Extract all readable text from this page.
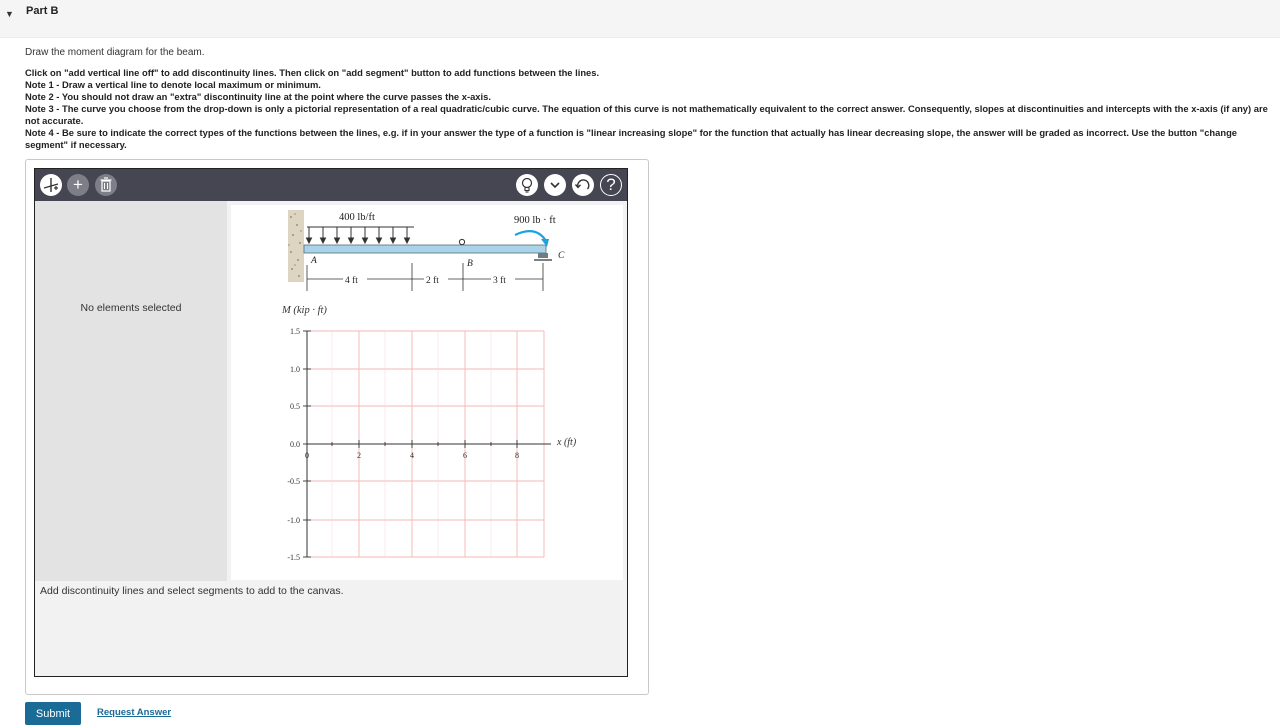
▼ Part B
Draw the moment diagram for the beam.
Click on "add vertical line off" to add discontinuity lines. Then click on "add segment" button to add functions between the lines.
Note 1 - Draw a vertical line to denote local maximum or minimum.
Note 2 - You should not draw an "extra" discontinuity line at the point where the curve passes the x-axis.
Note 3 - The curve you choose from the drop-down is only a pictorial representation of a real quadratic/cubic curve. The equation of this curve is not mathematically equivalent to the correct answer. Consequently, slopes at discontinuities and intercepts with the x-axis (if any) are not accurate.
Note 4 - Be sure to indicate the correct types of the functions between the lines, e.g. if in your answer the type of a function is "linear increasing slope" for the function that actually has linear decreasing slope, the answer will be graded as incorrect. Use the button "change segment" if necessary.
+	?
No elements selected
400 lb/ft	900 lb · ft
A	B
C
4 ft	2 ft	3 ft
M (kip · ft)
x (ft)
1.5
1.0
0.5
0.0
-0.5
-1.0
-1.5
0	2	4	6	8
Add discontinuity lines and select segments to add to the canvas.
Submit	Request Answer
